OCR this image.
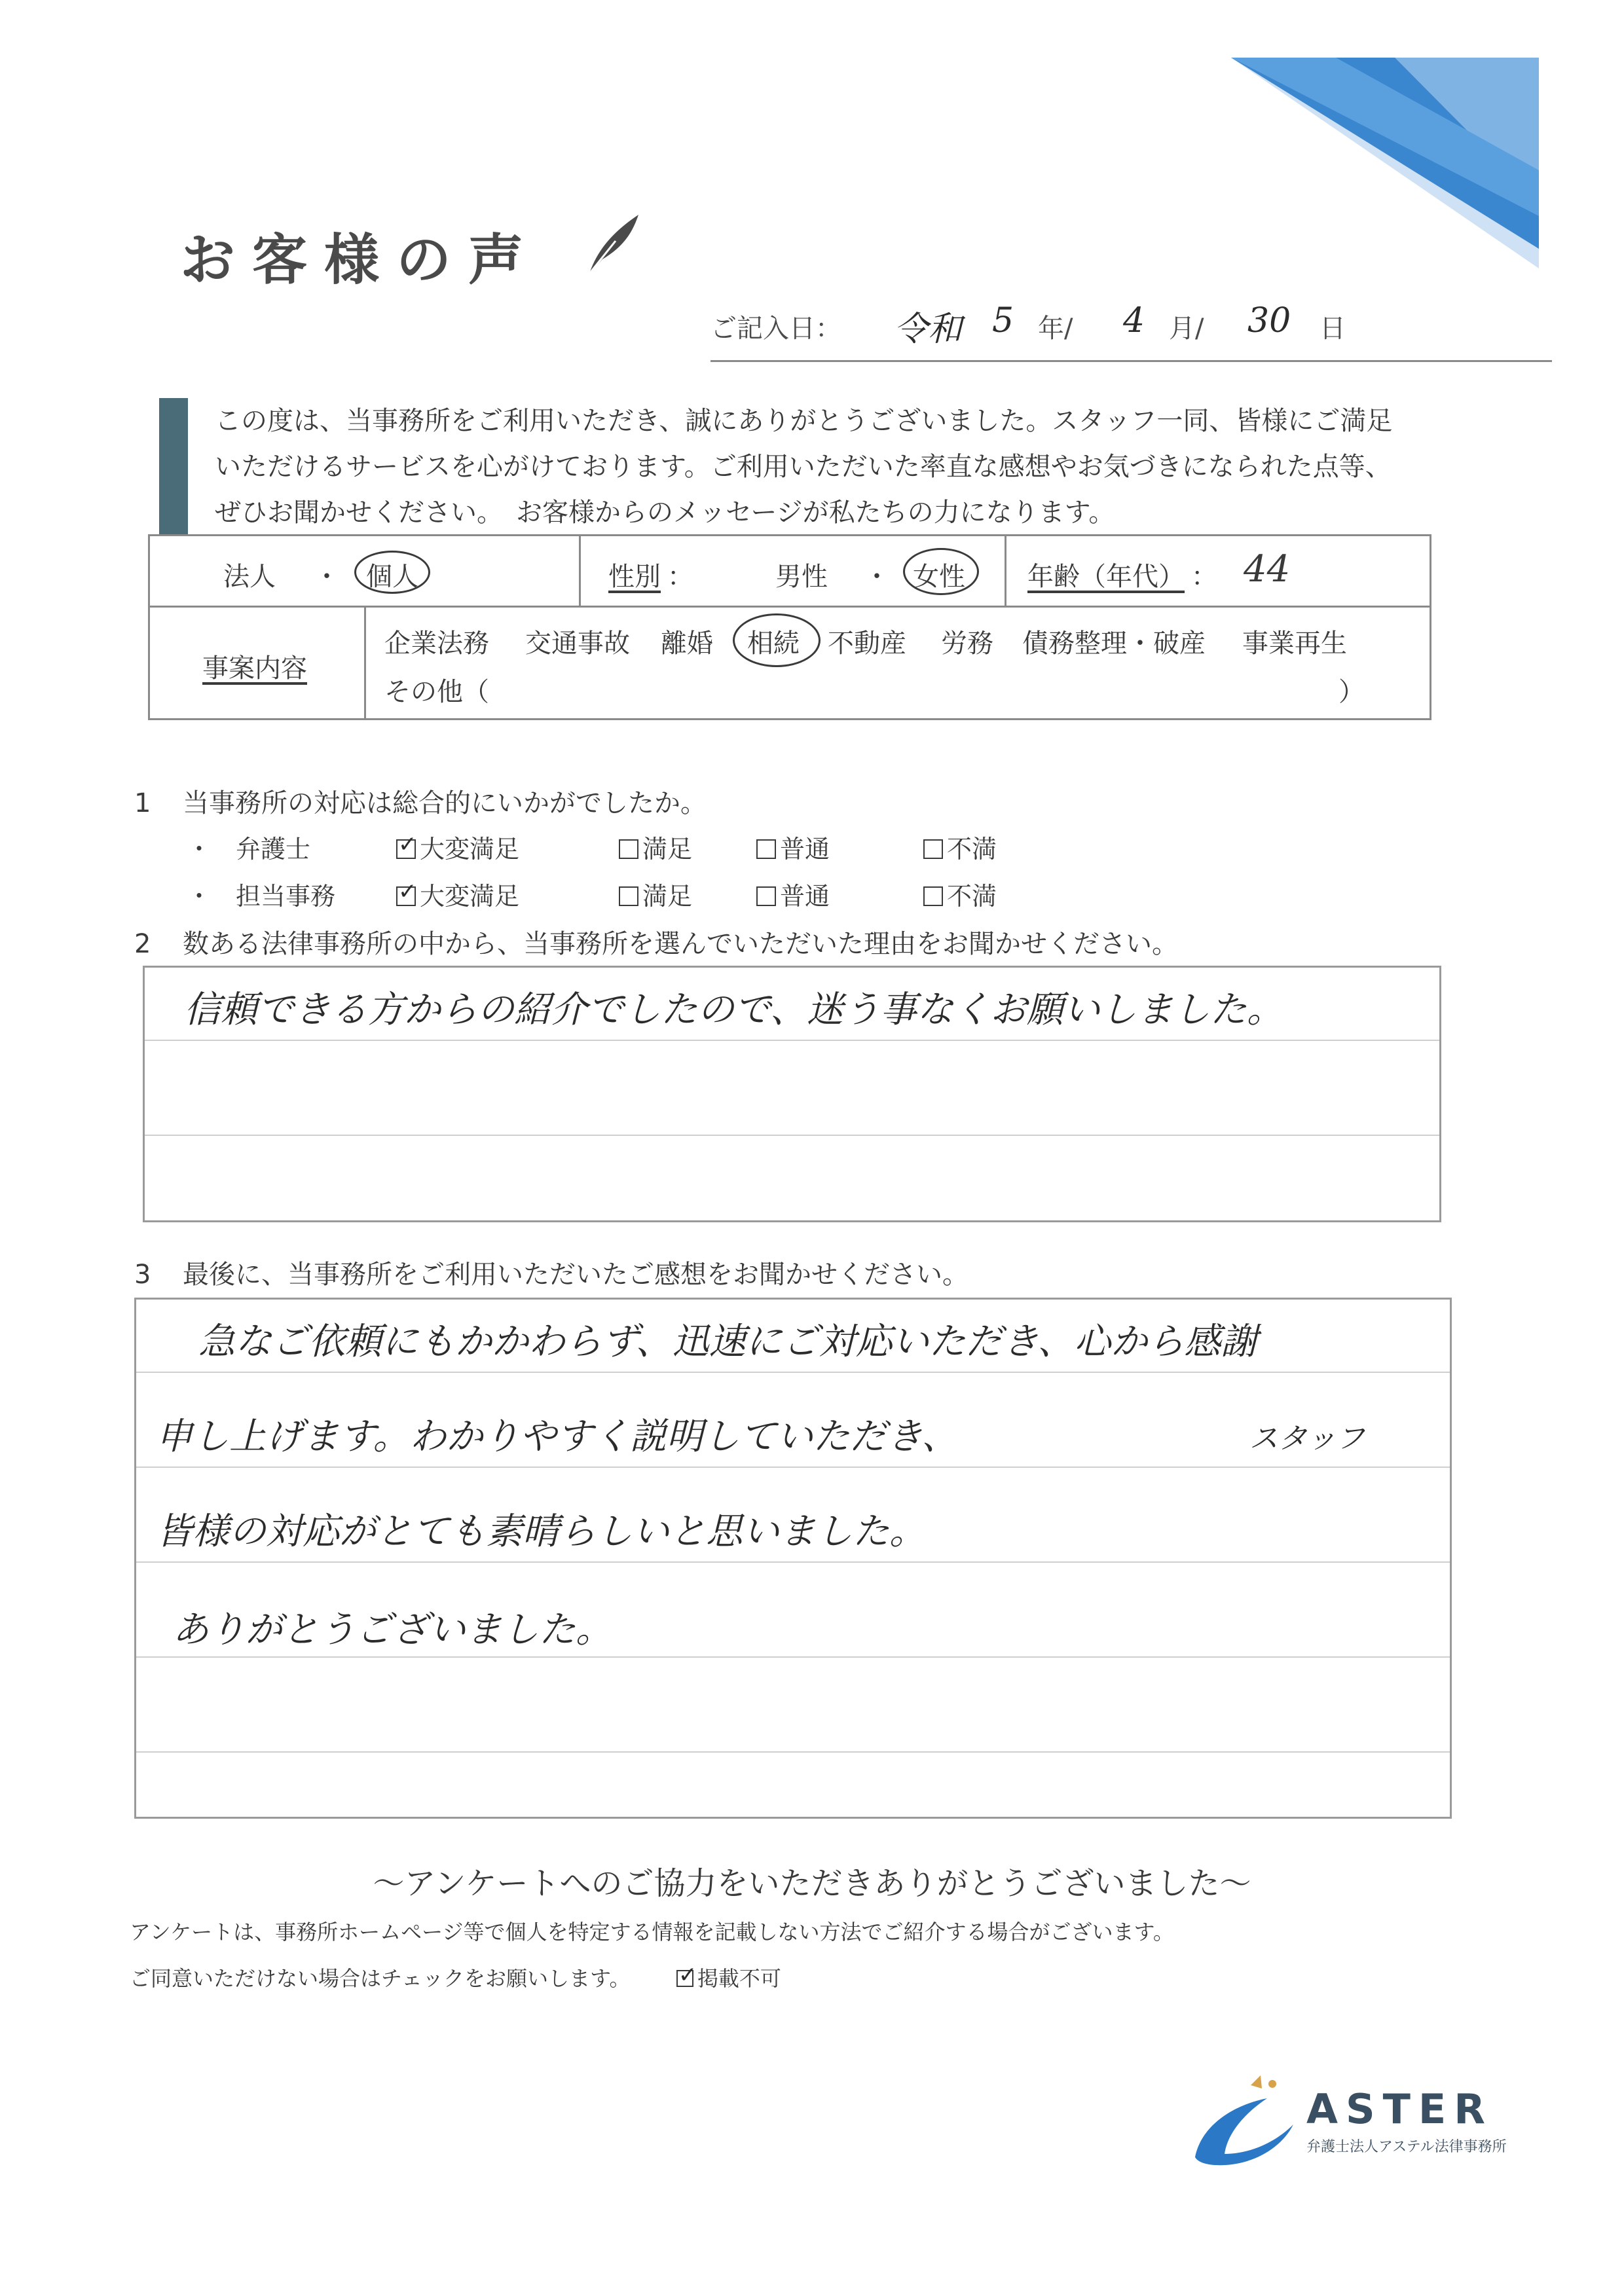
お客様の声
ご記入日： 令和 5 年/ 4 月/ 30 日
この度は、当事務所をご利用いただき、誠にありがとうございました。スタッフ一同、皆様にご満足
いただけるサービスを心がけております。ご利用いただいた率直な感想やお気づきになられた点等、
ぜひお聞かせください。　お客様からのメッセージが私たちの力になります。
法人 ・ 個人	性別 ：	男性 ・ 女性 年齢（年代） ： 44
事案内容
企業法務 交通事故 離婚 相続 不動産 労務 債務整理・破産 事業再生
その他（	）
1 当事務所の対応は総合的にいかがでしたか。
・ 弁護士 ✓	大変満足	満足	普通	不満
・ 担当事務 ✓	大変満足	満足	普通	不満
2 数ある法律事務所の中から、当事務所を選んでいただいた理由をお聞かせください。
信頼できる方からの紹介でしたので、迷う事なくお願いしました。
3 最後に、当事務所をご利用いただいたご感想をお聞かせください。
急なご依頼にもかかわらず、迅速にご対応いただき、心から感謝
申し上げます。わかりやすく説明していただき、	スタッフ
皆様の対応がとても素晴らしいと思いました。
ありがとうございました。
～アンケートへのご協力をいただきありがとうございました～
アンケートは、事務所ホームページ等で個人を特定する情報を記載しない方法でご紹介する場合がございます。
ご同意いただけない場合はチェックをお願いします。 ✓	掲載不可
ASTER
弁護士法人アステル法律事務所
